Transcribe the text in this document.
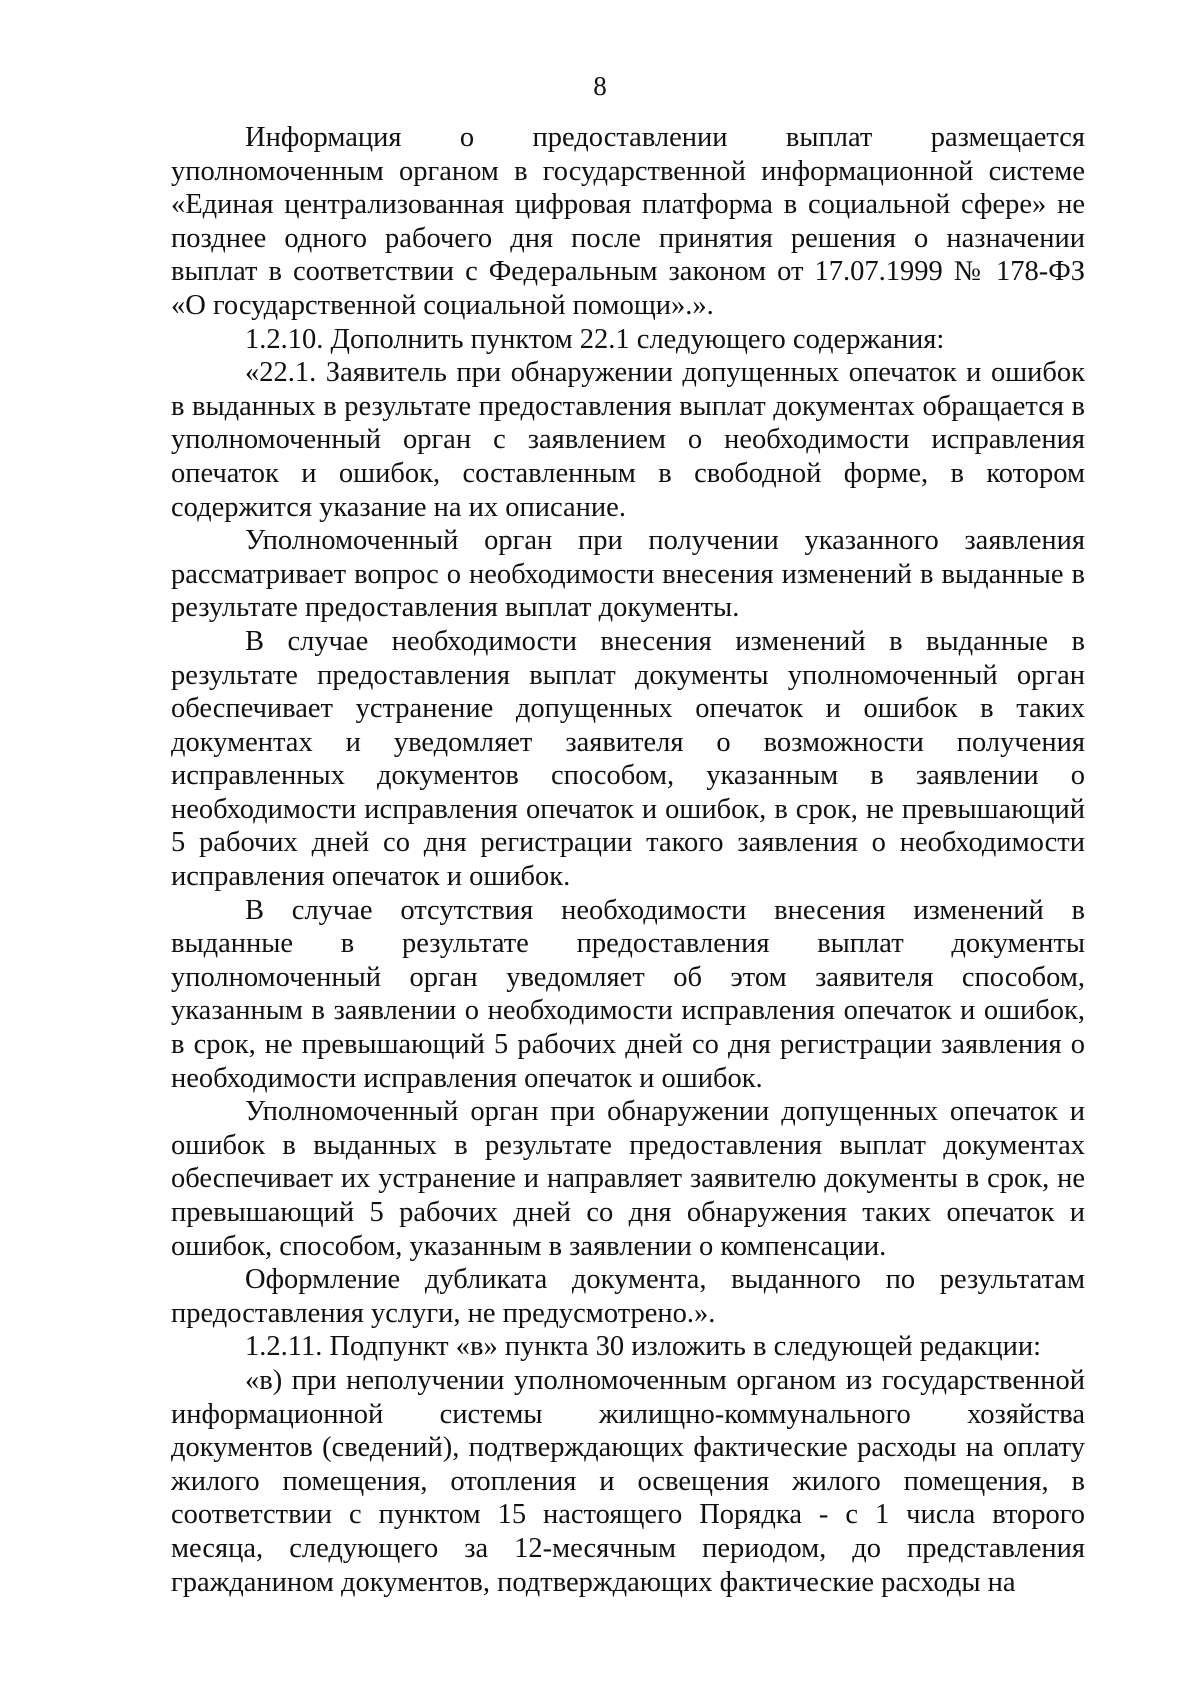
8

Информация о предоставлении выплат размещается уполномоченным органом в государственной информационной системе «Единая централизованная цифровая платформа в социальной сфере» не позднее одного рабочего дня после принятия решения о назначении выплат в соответствии с Федеральным законом от 17.07.1999 № 178-ФЗ «О государственной социальной помощи».».

1.2.10. Дополнить пунктом 22.1 следующего содержания:

«22.1. Заявитель при обнаружении допущенных опечаток и ошибок в выданных в результате предоставления выплат документах обращается в уполномоченный орган с заявлением о необходимости исправления опечаток и ошибок, составленным в свободной форме, в котором содержится указание на их описание.

Уполномоченный орган при получении указанного заявления рассматривает вопрос о необходимости внесения изменений в выданные в результате предоставления выплат документы.

В случае необходимости внесения изменений в выданные в результате предоставления выплат документы уполномоченный орган обеспечивает устранение допущенных опечаток и ошибок в таких документах и уведомляет заявителя о возможности получения исправленных документов способом, указанным в заявлении о необходимости исправления опечаток и ошибок, в срок, не превышающий 5 рабочих дней со дня регистрации такого заявления о необходимости исправления опечаток и ошибок.

В случае отсутствия необходимости внесения изменений в выданные в результате предоставления выплат документы уполномоченный орган уведомляет об этом заявителя способом, указанным в заявлении о необходимости исправления опечаток и ошибок, в срок, не превышающий 5 рабочих дней со дня регистрации заявления о необходимости исправления опечаток и ошибок.

Уполномоченный орган при обнаружении допущенных опечаток и ошибок в выданных в результате предоставления выплат документах обеспечивает их устранение и направляет заявителю документы в срок, не превышающий 5 рабочих дней со дня обнаружения таких опечаток и ошибок, способом, указанным в заявлении о компенсации.

Оформление дубликата документа, выданного по результатам предоставления услуги, не предусмотрено.».

1.2.11. Подпункт «в» пункта 30 изложить в следующей редакции:

«в) при неполучении уполномоченным органом из государственной информационной системы жилищно-коммунального хозяйства документов (сведений), подтверждающих фактические расходы на оплату жилого помещения, отопления и освещения жилого помещения, в соответствии с пунктом 15 настоящего Порядка - с 1 числа второго месяца, следующего за 12-месячным периодом, до представления гражданином документов, подтверждающих фактические расходы на
